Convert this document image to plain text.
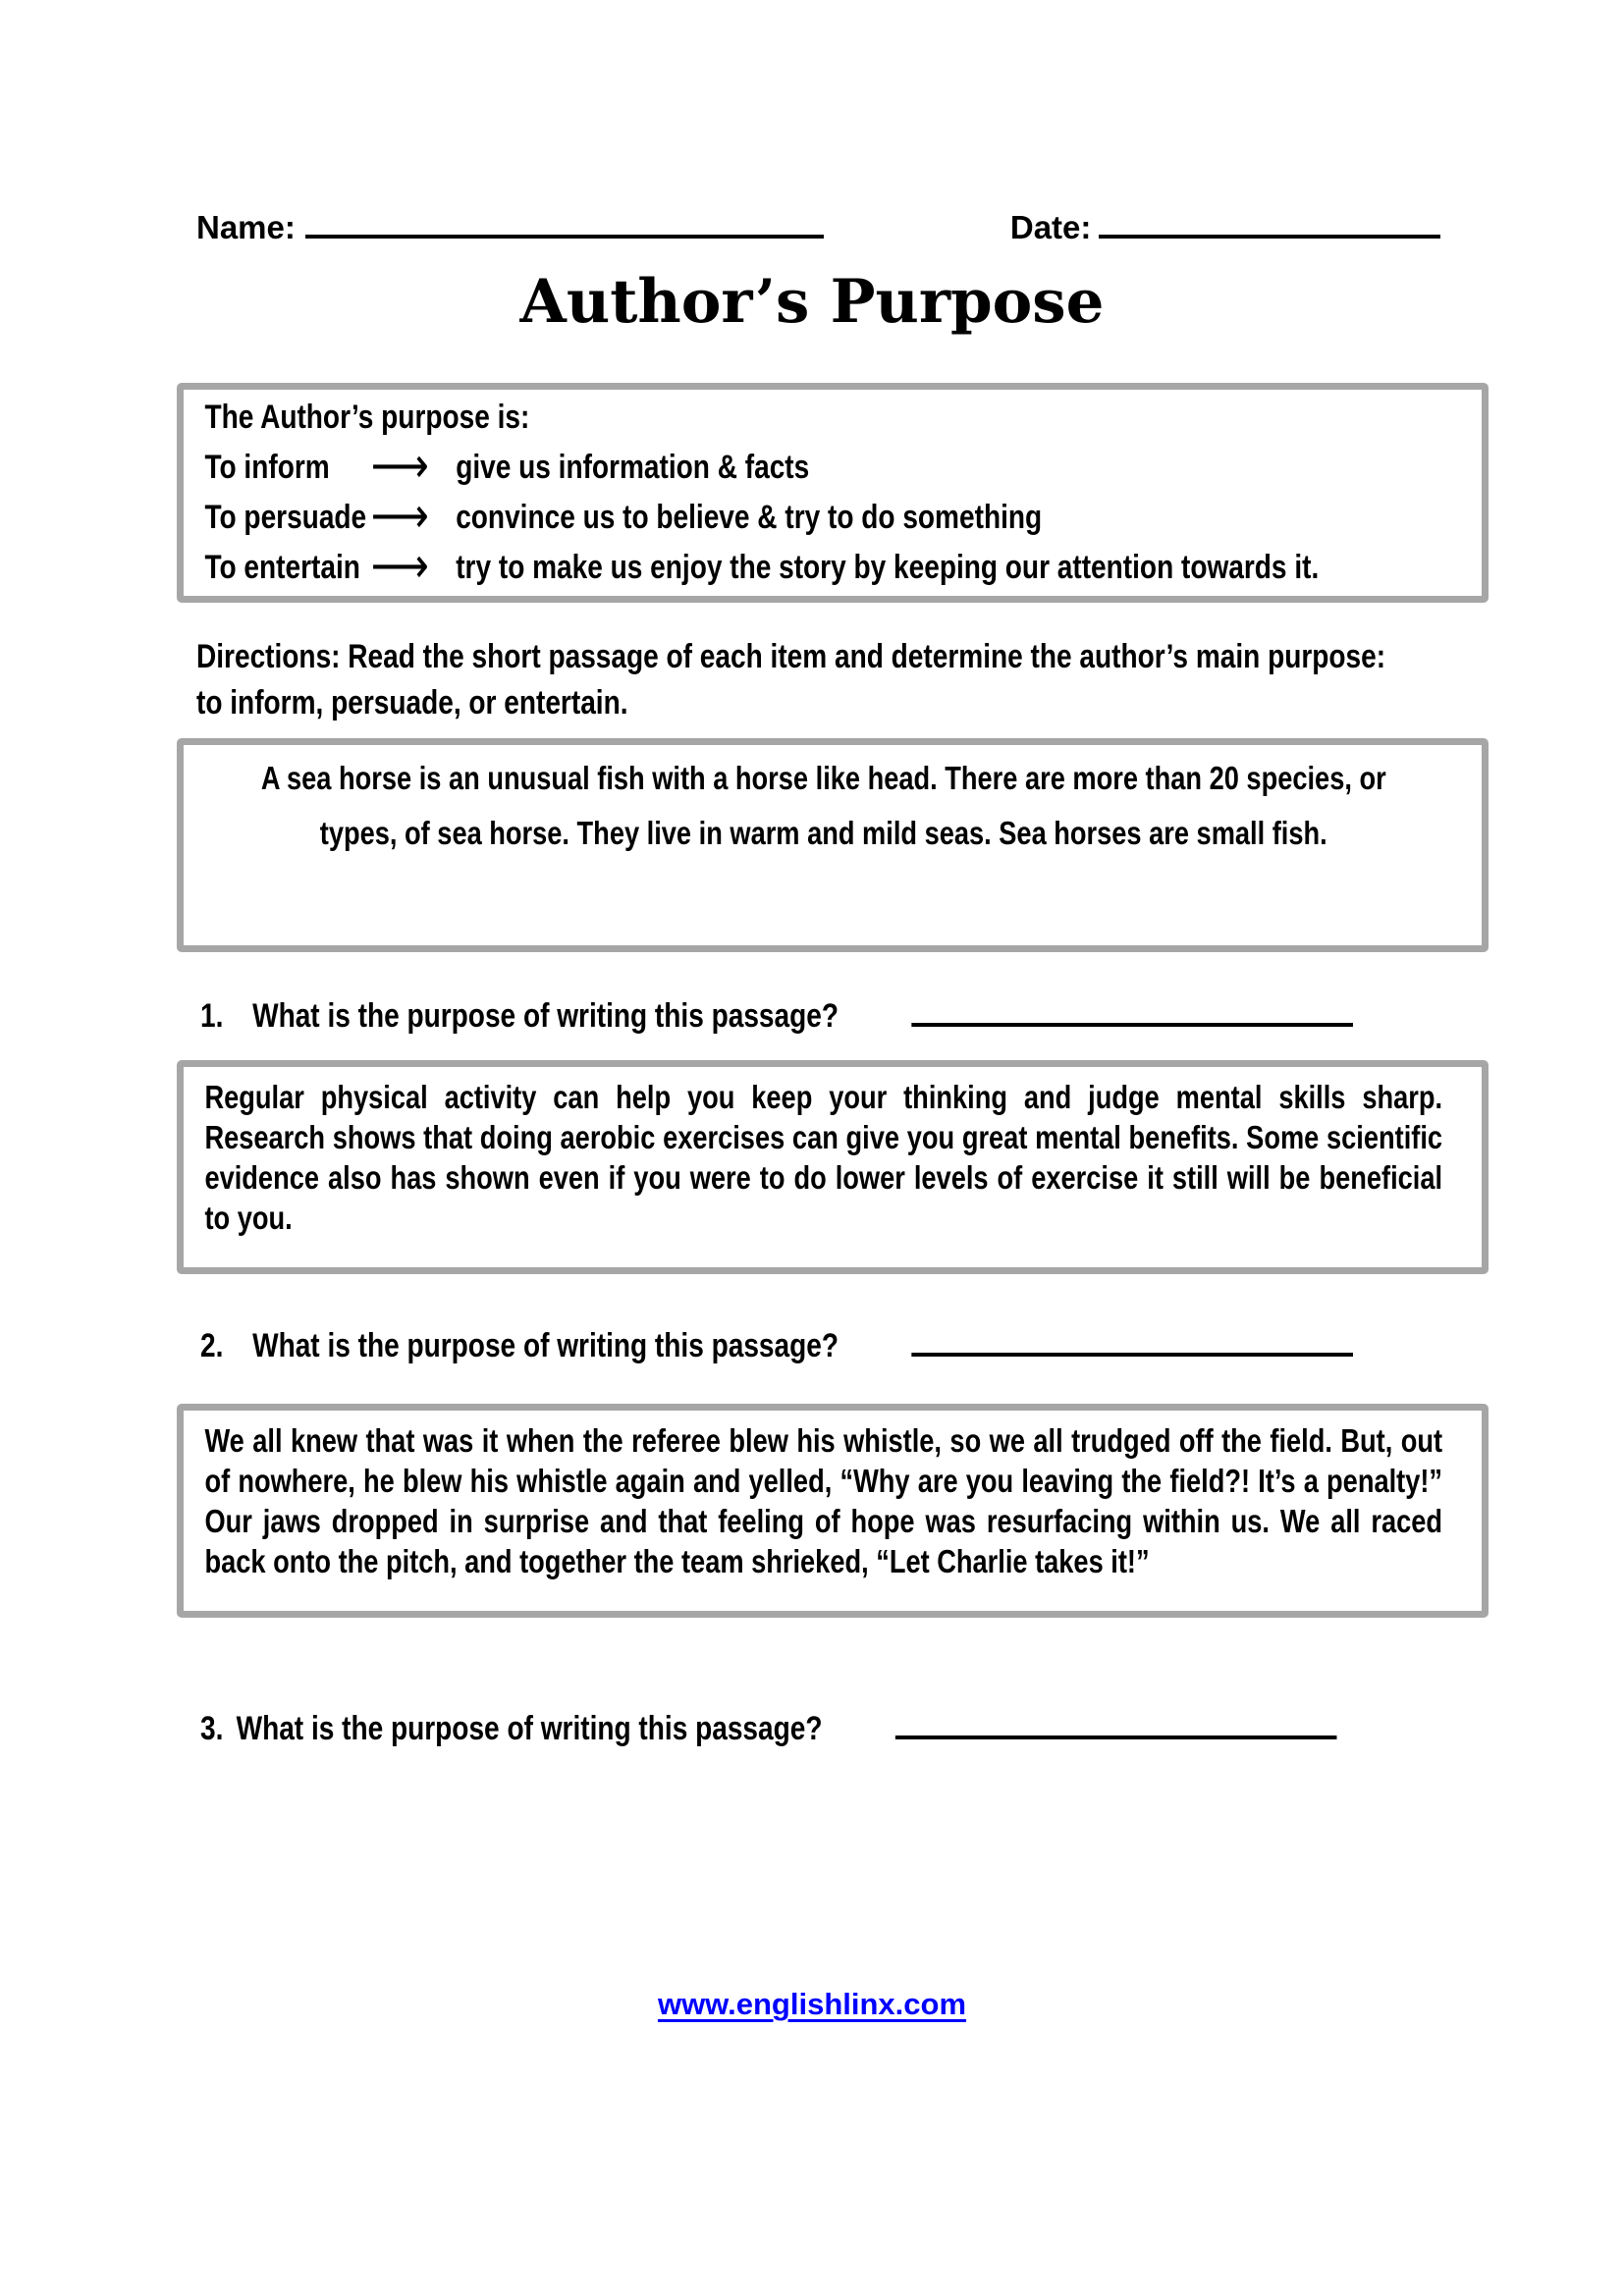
Name:	Date:
Author’s Purpose
The Author’s purpose is:
To inform ⟶ give us information & facts
To persuade ⟶ convince us to believe & try to do something
To entertain ⟶ try to make us enjoy the story by keeping our attention towards it.
Directions: Read the short passage of each item and determine the author’s main purpose: to inform, persuade, or entertain.
A sea horse is an unusual fish with a horse like head. There are more than 20 species, or
types, of sea horse. They live in warm and mild seas. Sea horses are small fish.
1. What is the purpose of writing this passage?
Regular physical activity can help you keep your thinking and judge mental skills sharp. Research shows that doing aerobic exercises can give you great mental benefits. Some scientific evidence also has shown even if you were to do lower levels of exercise it still will be beneficial to you.
2. What is the purpose of writing this passage?
We all knew that was it when the referee blew his whistle, so we all trudged off the field. But, out of nowhere, he blew his whistle again and yelled, “Why are you leaving the field?! It’s a penalty!” Our jaws dropped in surprise and that feeling of hope was resurfacing within us. We all raced back onto the pitch, and together the team shrieked, “Let Charlie takes it!”
3. What is the purpose of writing this passage?
www.englishlinx.com
